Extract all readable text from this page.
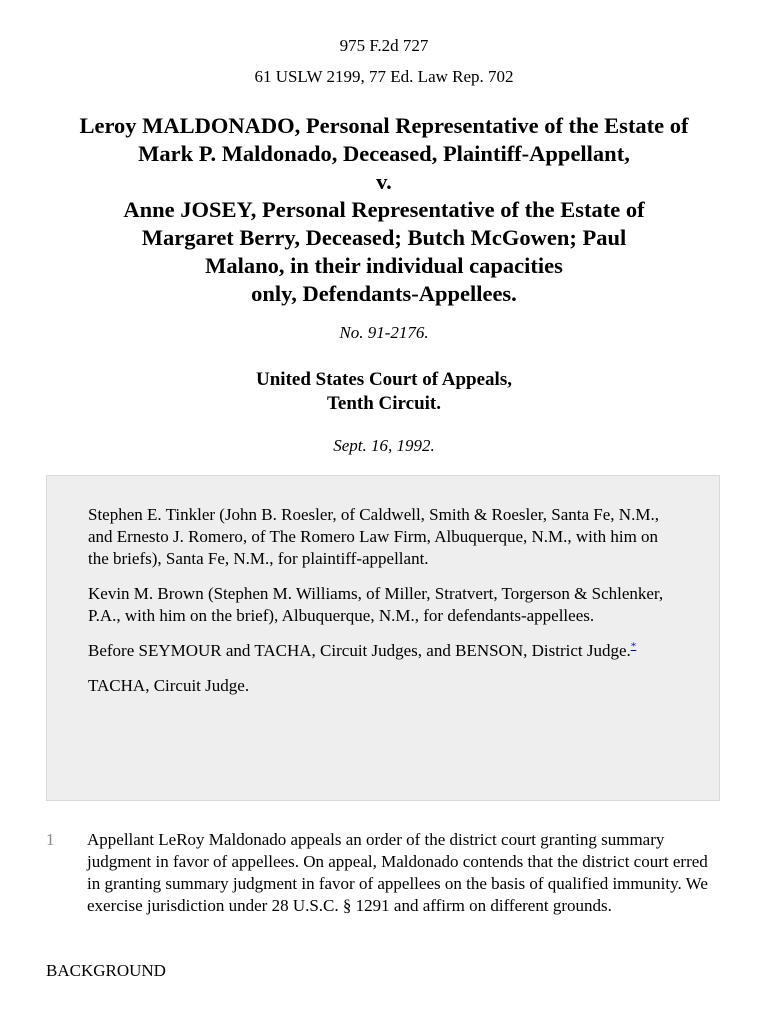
975 F.2d 727
61 USLW 2199, 77 Ed. Law Rep. 702
Leroy MALDONADO, Personal Representative of the Estate of
Mark P. Maldonado, Deceased, Plaintiff-Appellant,
v.
Anne JOSEY, Personal Representative of the Estate of
Margaret Berry, Deceased; Butch McGowen; Paul
Malano, in their individual capacities
only, Defendants-Appellees.
No. 91-2176.
United States Court of Appeals,
Tenth Circuit.
Sept. 16, 1992.

Stephen E. Tinkler (John B. Roesler, of Caldwell, Smith & Roesler, Santa Fe, N.M., and Ernesto J. Romero, of The Romero Law Firm, Albuquerque, N.M., with him on the briefs), Santa Fe, N.M., for plaintiff-appellant.

Kevin M. Brown (Stephen M. Williams, of Miller, Stratvert, Torgerson & Schlenker, P.A., with him on the brief), Albuquerque, N.M., for defendants-appellees.

Before SEYMOUR and TACHA, Circuit Judges, and BENSON, District Judge.*

TACHA, Circuit Judge.

1	Appellant LeRoy Maldonado appeals an order of the district court granting summary judgment in favor of appellees. On appeal, Maldonado contends that the district court erred in granting summary judgment in favor of appellees on the basis of qualified immunity. We exercise jurisdiction under 28 U.S.C. § 1291 and affirm on different grounds.
BACKGROUND
